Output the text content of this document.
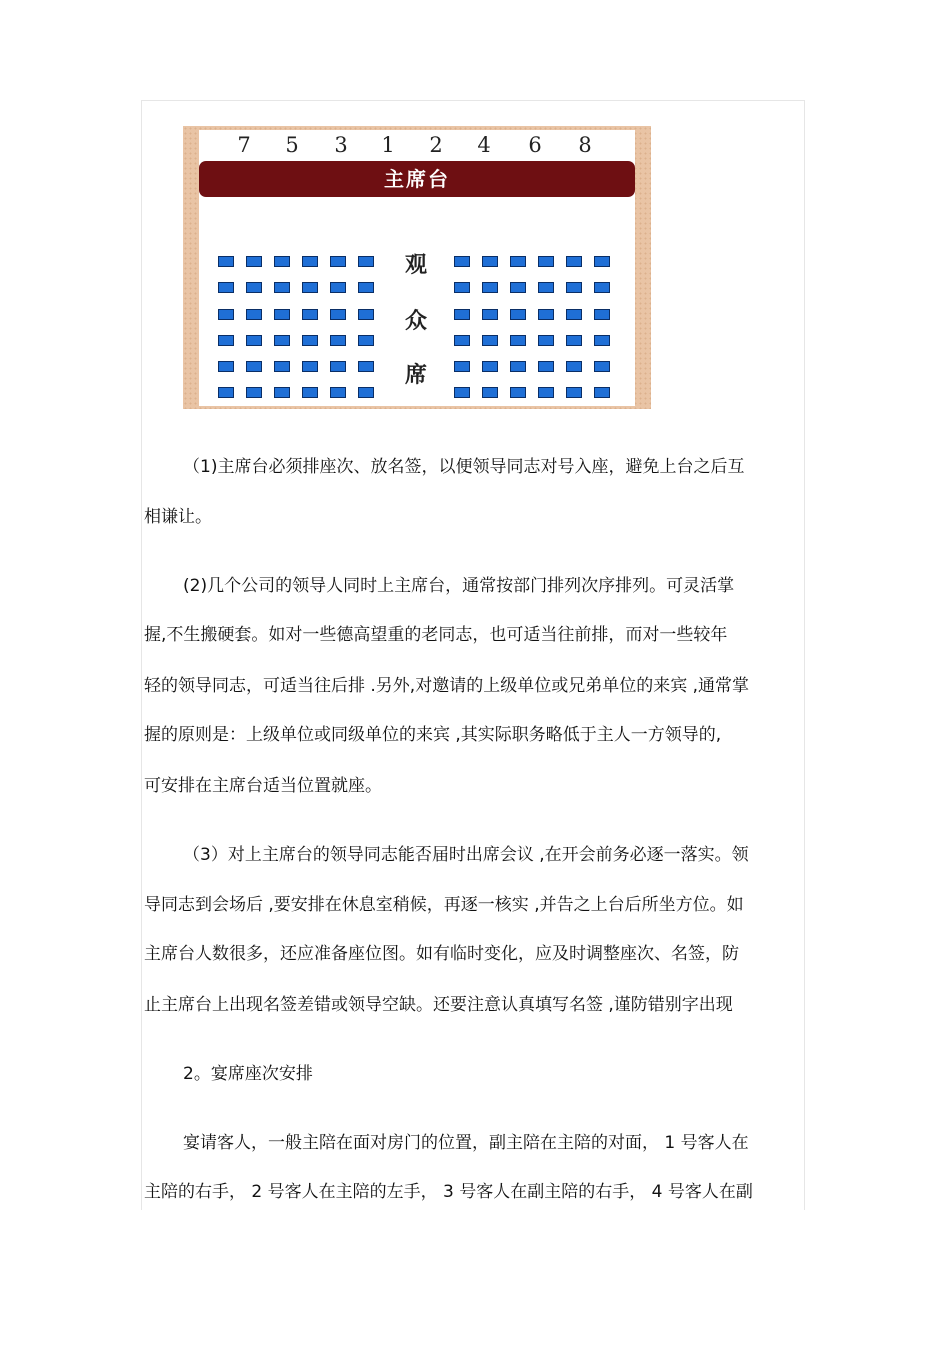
7 5 3 1 2 4 6 8
主席台
观
众
席

（1)主席台必须排座次、放名签，以便领导同志对号入座，避免上台之后互

相谦让。

(2)几个公司的领导人同时上主席台，通常按部门排列次序排列。可灵活掌

握,不生搬硬套。如对一些德高望重的老同志，也可适当往前排，而对一些较年

轻的领导同志，可适当往后排 .另外,对邀请的上级单位或兄弟单位的来宾 ,通常掌

握的原则是：上级单位或同级单位的来宾 ,其实际职务略低于主人一方领导的,

可安排在主席台适当位置就座。

（3）对上主席台的领导同志能否届时出席会议 ,在开会前务必逐一落实。领

导同志到会场后 ,要安排在休息室稍候，再逐一核实 ,并告之上台后所坐方位。如

主席台人数很多，还应准备座位图。如有临时变化，应及时调整座次、名签，防

止主席台上出现名签差错或领导空缺。还要注意认真填写名签 ,谨防错别字出现

2。宴席座次安排

宴请客人，一般主陪在面对房门的位置，副主陪在主陪的对面， 1 号客人在

主陪的右手， 2 号客人在主陪的左手， 3 号客人在副主陪的右手， 4 号客人在副
